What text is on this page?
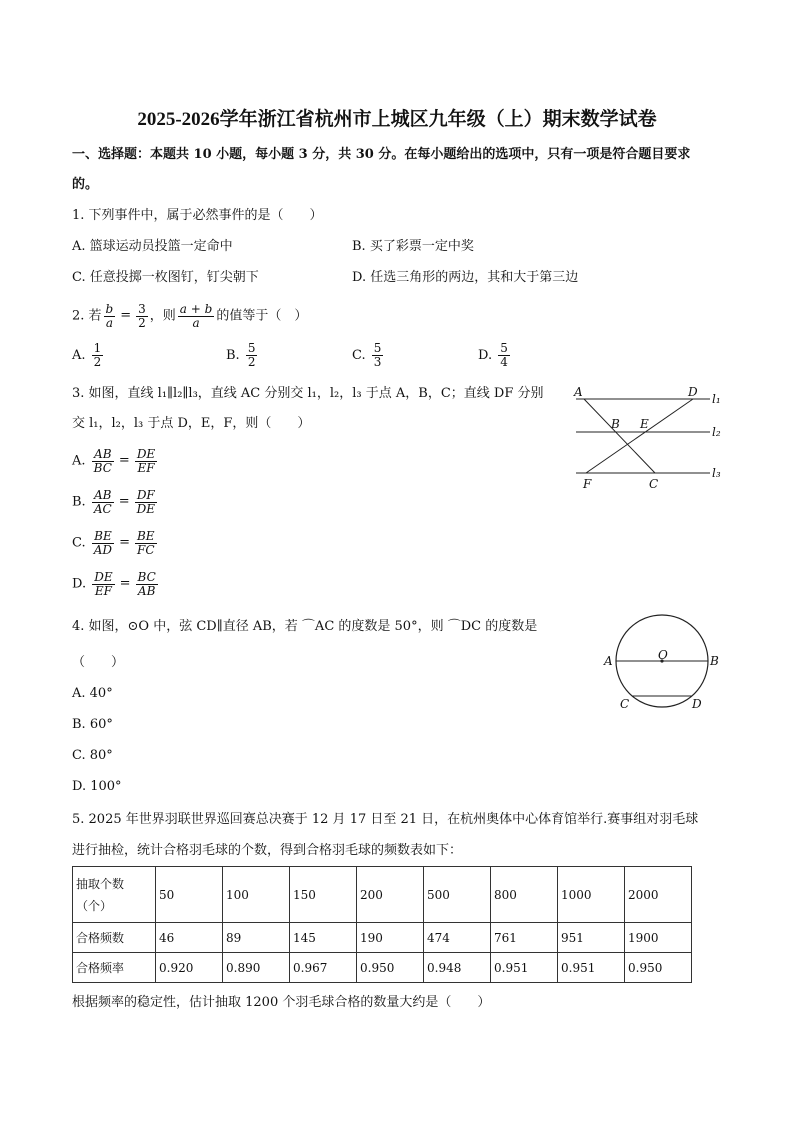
2025-2026学年浙江省杭州市上城区九年级（上）期末数学试卷
一、选择题：本题共 10 小题，每小题 3 分，共 30 分。在每小题给出的选项中，只有一项是符合题目要求
的。
1. 下列事件中，属于必然事件的是（　　）
A. 篮球运动员投篮一定命中	B. 买了彩票一定中奖
C. 任意投掷一枚图钉，钉尖朝下	D. 任选三角形的两边，其和大于第三边
2. 若 $\frac{b}{a} = \frac{3}{2}$ ，则 $\frac{a + b}{a}$ 的值等于（　）
A. $\frac{1}{2}$	B. $\frac{5}{2}$	C. $\frac{5}{3}$	D. $\frac{5}{4}$
3. 如图，直线 l₁∥l₂∥l₃，直线 AC 分别交 l₁，l₂，l₃ 于点 A，B，C；直线 DF 分别
交 l₁，l₂，l₃ 于点 D，E，F，则（　　）
A. $\frac{AB}{BC} = \frac{DE}{EF}$
B. $\frac{AB}{AC} = \frac{DF}{DE}$
C. $\frac{BE}{AD} = \frac{BE}{FC}$
D. $\frac{DE}{EF} = \frac{BC}{AB}$
A	D
B E
F	C
l₁
l₂
l₃
4. 如图，⊙O 中，弦 CD∥直径 AB，若 ⌒AC 的度数是 50°，则 ⌒DC 的度数是
（　　）
A. 40°
B. 60°
C. 80°
D. 100°
A	B
O
C	D
5. 2025 年世界羽联世界巡回赛总决赛于 12 月 17 日至 21 日，在杭州奥体中心体育馆举行.赛事组对羽毛球
进行抽检，统计合格羽毛球的个数，得到合格羽毛球的频数表如下：
抽取个数
（个）	50	100	150	200	500	800	1000	2000
合格频数	46	89	145	190	474	761	951	1900
合格频率	0.920	0.890	0.967	0.950	0.948	0.951	0.951	0.950
根据频率的稳定性，估计抽取 1200 个羽毛球合格的数量大约是（　　）
